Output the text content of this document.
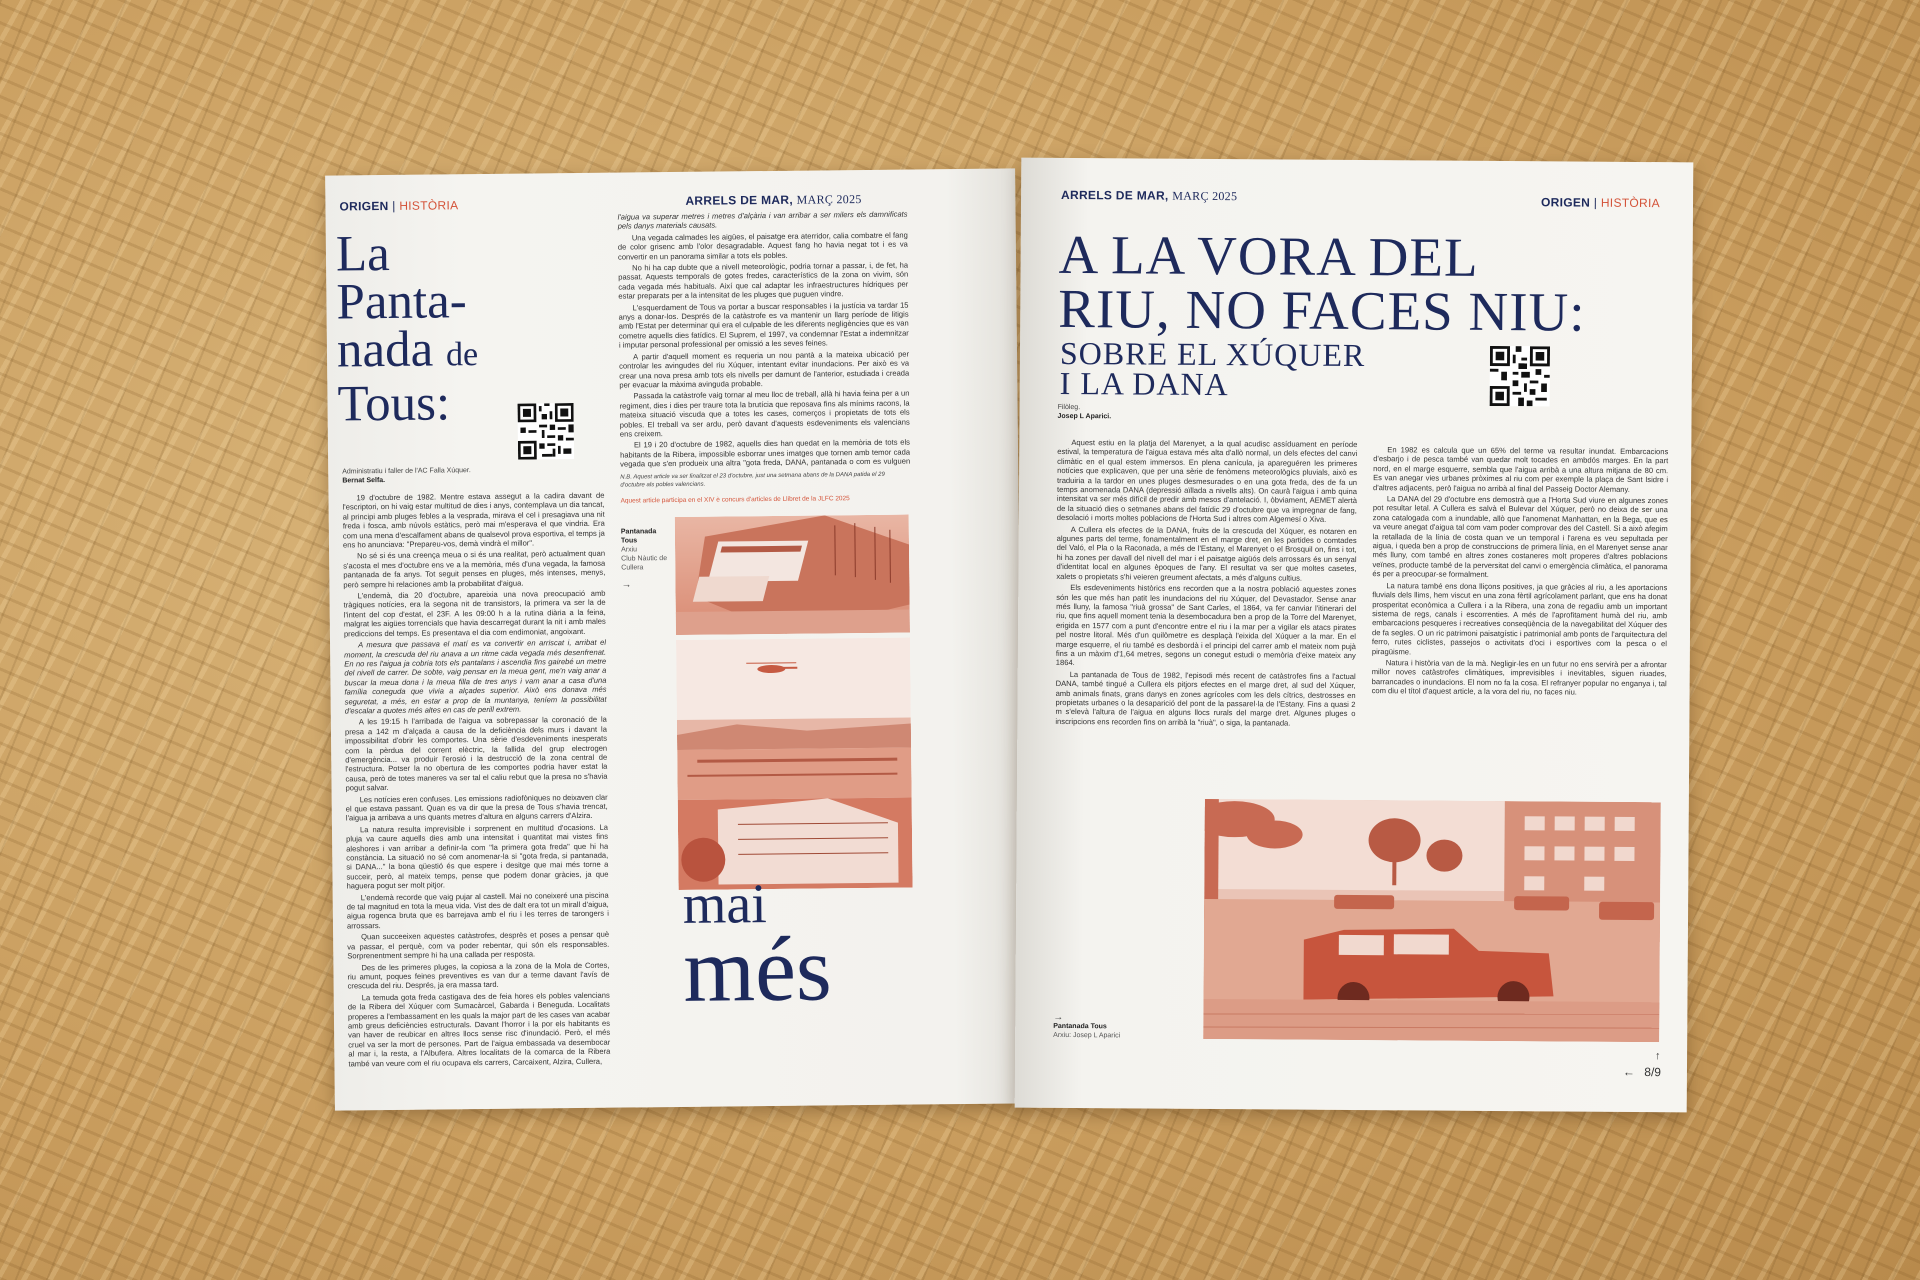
ORIGEN | HISTÒRIA	ARRELS DE MAR, MARÇ 2025
La
Panta-
nada de
Tous:
Administratiu i faller de l'AC Falla Xúquer.
Bernat Selfa.

19 d'octubre de 1982. Mentre estava assegut a la cadira davant de l'escriptori, on hi vaig estar multitud de dies i anys, contemplava un dia tancat, al principi amb pluges febles a la vesprada, mirava el cel i presagiava una nit freda i fosca, amb núvols estàtics, però mai m'esperava el que vindria. Era com una mena d'escalfament abans de qualsevol prova esportiva, el temps ja ens ho anunciava: "Prepareu-vos, demà vindrà el millor".

No sé si és una creença meua o si és una realitat, però actualment quan s'acosta el mes d'octubre ens ve a la memòria, més d'una vegada, la famosa pantanada de fa anys. Tot seguit penses en pluges, més intenses, menys, però sempre hi relaciones amb la probabilitat d'aigua.

L'endemà, dia 20 d'octubre, apareixia una nova preocupació amb tràgiques notícies, era la segona nit de transistors, la primera va ser la de l'intent del cop d'estat, el 23F. A les 09:00 h a la rutina diària a la feina, malgrat les aigües torrencials que havia descarregat durant la nit i amb males prediccions del temps. Es presentava el dia com endimoniat, angoixant.

A mesura que passava el matí es va convertir en arriscat i, arribat el moment, la crescuda del riu anava a un ritme cada vegada més desenfrenat. En no res l'aigua ja cobria tots els pantalans i ascendia fins gairebé un metre del nivell de carrer. De sobte, vaig pensar en la meua gent, me'n vaig anar a buscar la meua dona i la meua filla de tres anys i vam anar a casa d'una família coneguda que vivia a alçades superior. Això ens donava més seguretat, a més, en estar a prop de la muntanya, teníem la possibilitat d'escalar a quotes més altes en cas de perill extrem.

A les 19:15 h l'arribada de l'aigua va sobrepassar la coronació de la presa a 142 m d'alçada a causa de la deficiència dels murs i davant la impossibilitat d'obrir les comportes. Una sèrie d'esdeveniments inesperats com la pèrdua del corrent elèctric, la fallida del grup electrogen d'emergència... va produir l'erosió i la destrucció de la zona central de l'estructura. Potser la no obertura de les comportes podria haver estat la causa, però de totes maneres va ser tal el caliu rebut que la presa no s'havia pogut salvar.

Les notícies eren confuses. Les emissions radiofòniques no deixaven clar el que estava passant. Quan es va dir que la presa de Tous s'havia trencat, l'aigua ja arribava a uns quants metres d'altura en alguns carrers d'Alzira.

La natura resulta imprevisible i sorprenent en multitud d'ocasions. La pluja va caure aquells dies amb una intensitat i quantitat mai vistes fins aleshores i van arribar a definir-la com "la primera gota freda" que hi ha constància. La situació no sé com anomenar-la si "gota freda, si pantanada, si DANA..." la bona qüestió és que espere i desitge que mai més torne a succeir, però, al mateix temps, pense que podem donar gràcies, ja que haguera pogut ser molt pitjor.

L'endemà recorde que vaig pujar al castell. Mai no coneixeré una piscina de tal magnitud en tota la meua vida. Vist des de dalt era tot un mirall d'aigua, aigua rogenca bruta que es barrejava amb el riu i les terres de tarongers i arrossars.

Quan succeeixen aquestes catàstrofes, desprès et poses a pensar què va passar, el perquè, com va poder rebentar, qui són els responsables. Sorprenentment sempre hi ha una callada per resposta.

Des de les primeres pluges, la copiosa a la zona de la Mola de Cortes, riu amunt, poques feines preventives es van dur a terme davant l'avís de crescuda del riu. Després, ja era massa tard.

La temuda gota freda castigava des de feia hores els pobles valencians de la Ribera del Xúquer com Sumacàrcel, Gabarda i Beneguda. Localitats properes a l'embassament en les quals la major part de les cases van acabar amb greus deficiències estructurals. Davant l'horror i la por els habitants es van haver de reubicar en altres llocs sense risc d'inundació. Però, el més cruel va ser la mort de persones. Part de l'aigua embassada va desembocar al mar i, la resta, a l'Albufera. Altres localitats de la comarca de la Ribera també van veure com el riu ocupava els carrers, Carcaixent, Alzira, Cullera,

l'aigua va superar metres i metres d'alçària i van arribar a ser milers els damnificats pels danys materials causats.

Una vegada calmades les aigües, el paisatge era aterridor, calia combatre el fang de color grisenc amb l'olor desagradable. Aquest fang ho havia negat tot i es va convertir en un panorama similar a tots els pobles.

No hi ha cap dubte que a nivell meteorològic, podria tornar a passar, i, de fet, ha passat. Aquests temporals de gotes fredes, característics de la zona on vivim, són cada vegada més habituals. Així que cal adaptar les infraestructures hídriques per estar preparats per a la intensitat de les pluges que puguen vindre.

L'esquerdament de Tous va portar a buscar responsables i la justícia va tardar 15 anys a donar-los. Després de la catàstrofe es va mantenir un llarg període de litigis amb l'Estat per determinar qui era el culpable de les diferents negligències que es van cometre aquells dies fatídics. El Suprem, el 1997, va condemnar l'Estat a indemnitzar i imputar personal professional per omissió a les seves feines.

A partir d'aquell moment es requeria un nou pantà a la mateixa ubicació per controlar les avingudes del riu Xúquer, intentant evitar inundacions. Per això es va crear una nova presa amb tots els nivells per damunt de l'anterior, estudiada i creada per evacuar la màxima avinguda probable.

Passada la catàstrofe vaig tornar al meu lloc de treball, allà hi havia feina per a un regiment, dies i dies per traure tota la brutícia que reposava fins als mínims racons, la mateixa situació viscuda que a totes les cases, comerços i propietats de tots els pobles. El treball va ser ardu, però davant d'aquests esdeveniments els valencians ens creixem.

El 19 i 20 d'octubre de 1982, aquells dies han quedat en la memòria de tots els habitants de la Ribera, impossible esborrar unes imatges que tornen amb temor cada vegada que s'en produeix una altra "gota freda, DANA, pantanada o com es vulguen

N.B. Aquest article va ser finalitzat el 23 d'octubre, just una setmana abans de la DANA patida el 29 d'octubre als pobles valencians.
Aquest article participa en el XIV è concurs d'articles de Llibret de la JLFC 2025
Pantanada Tous
Arxiu
Club Nàutic de Cullera
→
mai
més
ARRELS DE MAR, MARÇ 2025	ORIGEN | HISTÒRIA
A LA VORA DEL
RIU, NO FACES NIU:
SOBRE EL XÚQUER
I LA DANA
Filòleg.
Josep L Aparici.

Aquest estiu en la platja del Marenyet, a la qual acudisc assíduament en període estival, la temperatura de l'aigua estava més alta d'allò normal, un dels efectes del canvi climàtic en el qual estem immersos. En plena canícula, ja apareguéren les primeres notícies que explicaven, que per una sèrie de fenòmens meteorològics pluvials, això es traduiria a la tardor en unes pluges desmesurades o en una gota freda, des de fa un temps anomenada DANA (depressió aïllada a nivells alts). On caurà l'aigua i amb quina intensitat va ser més difícil de predir amb mesos d'antelació. I, òbviament, AEMET alertà de la situació dies o setmanes abans del fatídic 29 d'octubre que va impregnar de fang, desolació i morts moltes poblacions de l'Horta Sud i altres com Algemesí o Xiva.

A Cullera els efectes de la DANA, fruits de la crescuda del Xúquer, es notaren en algunes parts del terme, fonamentalment en el marge dret, en les partides o comtades del Való, el Pla o la Raconada, a més de l'Estany, el Marenyet o el Brosquil on, fins i tot, hi ha zones per davall del nivell del mar i el paisatge aigüós dels arrossars és un senyal d'identitat local en algunes èpoques de l'any. El resultat va ser que moltes casetes, xalets o propietats s'hi veieren greument afectats, a més d'alguns cultius.

Els esdeveniments històrics ens recorden que a la nostra població aquestes zones són les que més han patit les inundacions del riu Xúquer, del Devastador. Sense anar més lluny, la famosa "riuà grossa" de Sant Carles, el 1864, va fer canviar l'itinerari del riu, que fins aquell moment tenia la desembocadura ben a prop de la Torre del Marenyet, erigida en 1577 com a punt d'encontre entre el riu i la mar per a vigilar els atacs pirates pel nostre litoral. Més d'un quilòmetre es desplaçà l'eixida del Xúquer a la mar. En el marge esquerre, el riu també es desbordà i el principi del carrer amb el mateix nom pujà fins a un màxim d'1,64 metres, segons un conegut estudi o memòria d'eixe mateix any 1864.

La pantanada de Tous de 1982, l'episodi més recent de catàstrofes fins a l'actual DANA, també tingué a Cullera els pitjors efectes en el marge dret, al sud del Xúquer, amb animals finats, grans danys en zones agrícoles com les dels cítrics, destrosses en propietats urbanes o la desaparició del pont de la passarel·la de l'Estany. Fins a quasi 2 m s'elevà l'altura de l'aigua en alguns llocs rurals del marge dret. Algunes pluges o inscripcions ens recorden fins on arribà la "riuà", o siga, la pantanada.

En 1982 es calcula que un 65% del terme va resultar inundat. Embarcacions d'esbarjo i de pesca també van quedar molt tocades en ambdós marges. En la part nord, en el marge esquerre, sembla que l'aigua arribà a una altura mitjana de 80 cm. Es van anegar vies urbanes pròximes al riu com per exemple la plaça de Sant Isidre i d'altres adjacents, però l'aigua no arribà al final del Passeig Doctor Alemany.

La DANA del 29 d'octubre ens demostrà que a l'Horta Sud viure en algunes zones pot resultar letal. A Cullera es salvà el Bulevar del Xúquer, però no deixa de ser una zona catalogada com a inundable, allò que l'anomenat Manhattan, en la Bega, que es va veure anegat d'aigua tal com vam poder comprovar des del Castell. Si a això afegim la retallada de la línia de costa quan ve un temporal i l'arena es veu sepultada per aigua, i queda ben a prop de construccions de primera línia, en el Marenyet sense anar més lluny, com també en altres zones costaneres molt properes d'altres poblacions veïnes, producte també de la perversitat del canvi o emergència climàtica, el panorama és per a preocupar-se formalment.

La natura també ens dona lliçons positives, ja que gràcies al riu, a les aportacions fluvials dels llims, hem viscut en una zona fèrtil agrícolament parlant, que ens ha donat prosperitat econòmica a Cullera i a la Ribera, una zona de regadiu amb un important sistema de regs, canals i escorrenties. A més de l'aprofitament humà del riu, amb embarcacions pesqueres i recreatives conseqüència de la navegabilitat del Xúquer des de fa segles. O un ric patrimoni paisatgístic i patrimonial amb ponts de l'arquitectura del ferro, rutes ciclistes, passejos o activitats d'oci i esportives com la pesca o el piragüisme.

Natura i història van de la mà. Negligir-les en un futur no ens servirà per a afrontar millor noves catàstrofes climàtiques, imprevisibles i inevitables, siguen riuades, barrancades o inundacions. El nom no fa la cosa. El refranyer popular no enganya i, tal com diu el títol d'aquest article, a la vora del riu, no faces niu.

→
Pantanada Tous
Arxiu: Josep L Aparici
↑
← 8/9
